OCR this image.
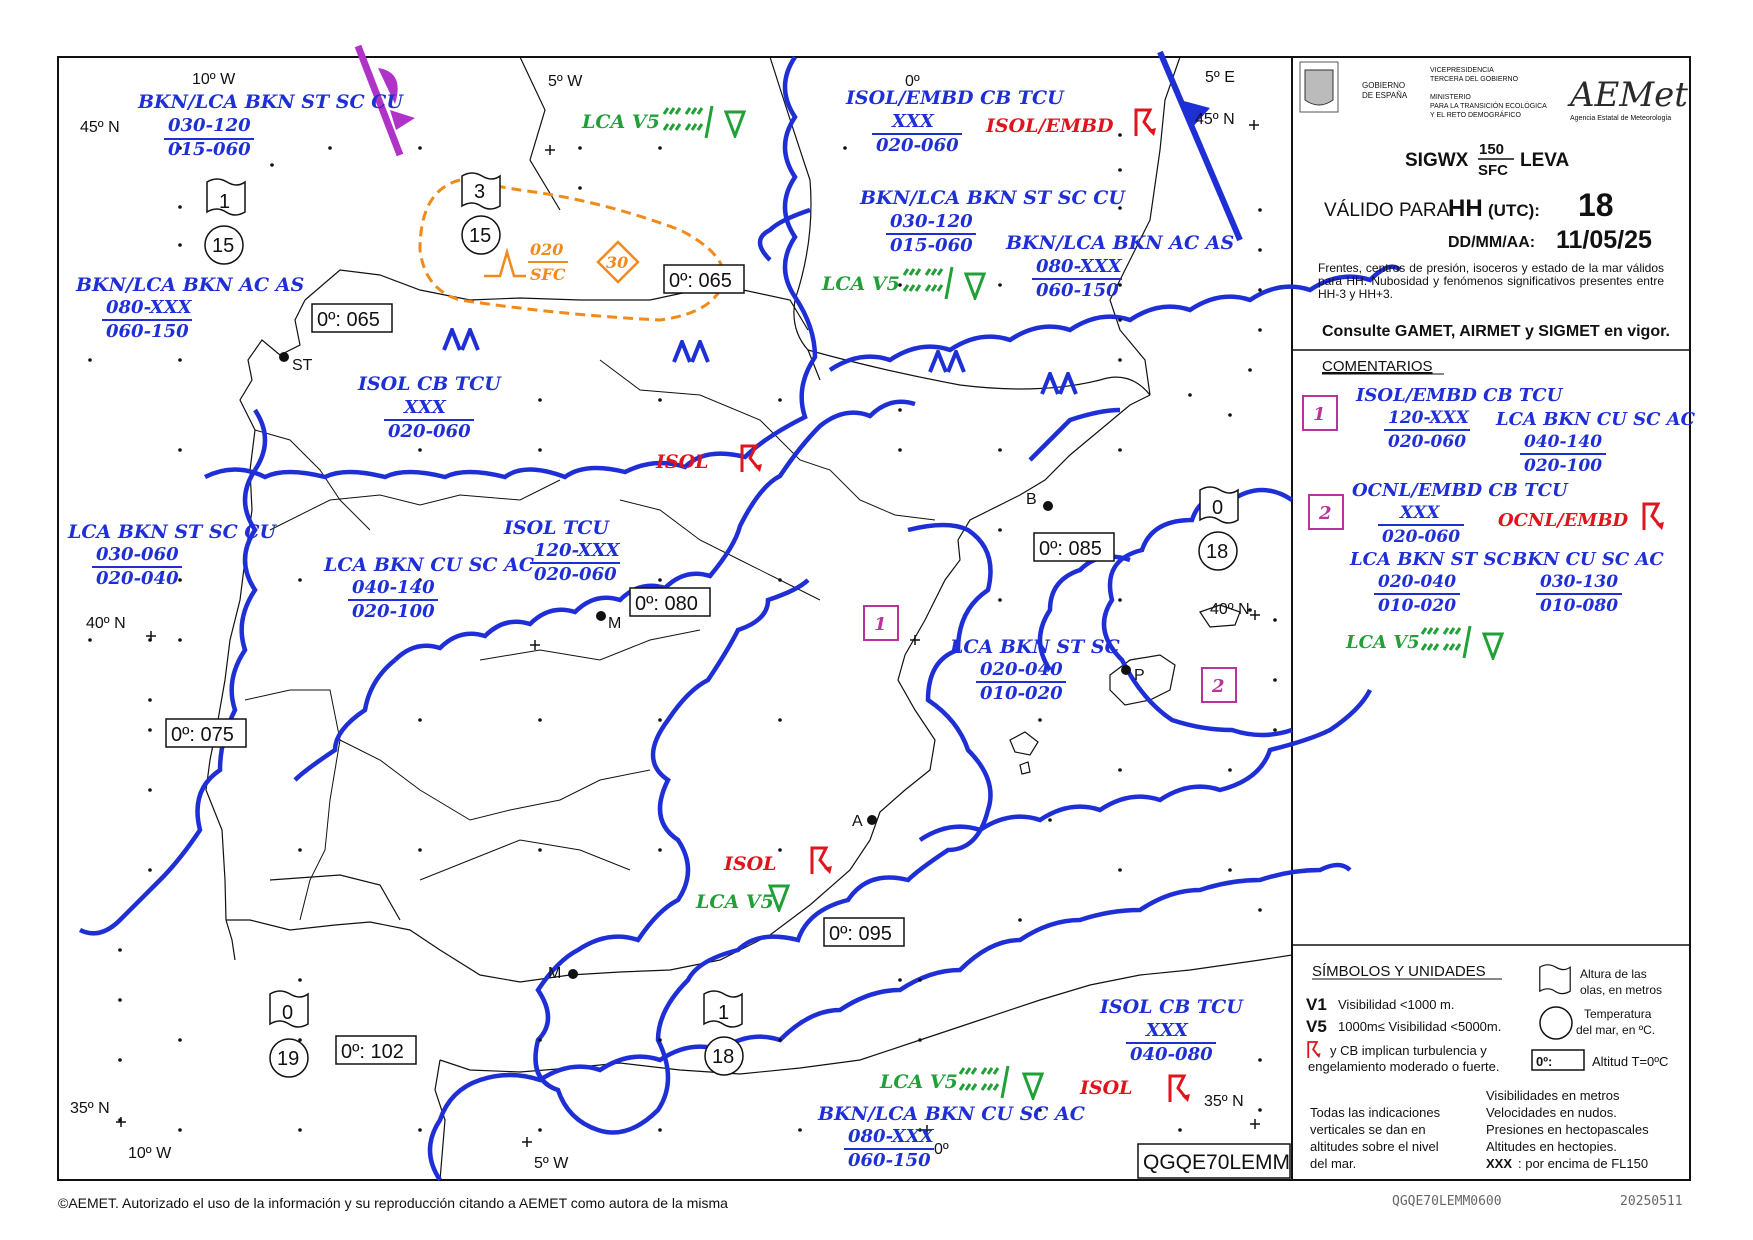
10º W	5º W	0º	5º E
45º N	45º N
40º N
40º N
35º N	35º N
10º W
5º W
0º
ST
M
B
P
A
M
BKN/LCA BKN ST SC CU
030-120
015-060
LCA V5
ISOL/EMBD CB TCU
XXX
020-060
ISOL/EMBD
BKN/LCA BKN ST SC CU
030-120
015-060 BKN/LCA BKN AC AS
080-XXX
060-150
LCA V5
BKN/LCA BKN AC AS
080-XXX
060-150
020
SFC
30
ISOL CB TCU
XXX
020-060
ISOL
LCA BKN ST SC CU
030-060
020-040
ISOL TCU
120-XXX
020-060
LCA BKN CU SC AC
040-140
020-100
LCA BKN ST SC
020-040
010-020
ISOL
LCA V5
ISOL CB TCU
XXX
040-080
ISOL
LCA V5
BKN/LCA BKN CU SC AC
080-XXX
060-150
1
2
1
15
3
15
0
18
0
19
1
18
0º: 065
0º: 065
0º: 080
0º: 085
0º: 075
0º: 095
0º: 102
GOBIERNO
DE ESPAÑA
VICEPRESIDENCIA
TERCERA DEL GOBIERNO
MINISTERIO
PARA LA TRANSICIÓN ECOLÓGICA
Y EL RETO DEMOGRÁFICO
AEMet
Agencia Estatal de Meteorología
SIGWX
150
SFC LEVA
VÁLIDO PARA
HH (UTC): 18
DD/MM/AA: 11/05/25
Frentes, centros de presión, isoceros y estado de la mar válidos para HH. Nubosidad y fenómenos significativos presentes entre HH-3 y HH+3.
Consulte GAMET, AIRMET y SIGMET en vigor.
COMENTARIOS
1
ISOL/EMBD CB TCU
120-XXX
020-060
LCA BKN CU SC AC
040-140
020-100
2
OCNL/EMBD CB TCU
XXX
020-060
OCNL/EMBD
LCA BKN ST SC
020-040
010-020
BKN CU SC AC
030-130
010-080
LCA V5
SÍMBOLOS Y UNIDADES
V1 Visibilidad <1000 m.
V5 1000m≤ Visibilidad <5000m.
y CB implican turbulencia y
engelamiento moderado o fuerte.
Altura de las
olas, en metros
Temperatura
del mar, en ºC.
0º:	Altitud T=0ºC
Todas las indicaciones
verticales se dan en
altitudes sobre el nivel
del mar.
Visibilidades en metros
Velocidades en nudos.
Presiones en hectopascales
Altitudes en hectopies.
XXX : por encima de FL150
QGQE70LEMM
©AEMET. Autorizado el uso de la información y su reproducción citando a AEMET como autora de la misma	QGQE70LEMM0600	20250511
